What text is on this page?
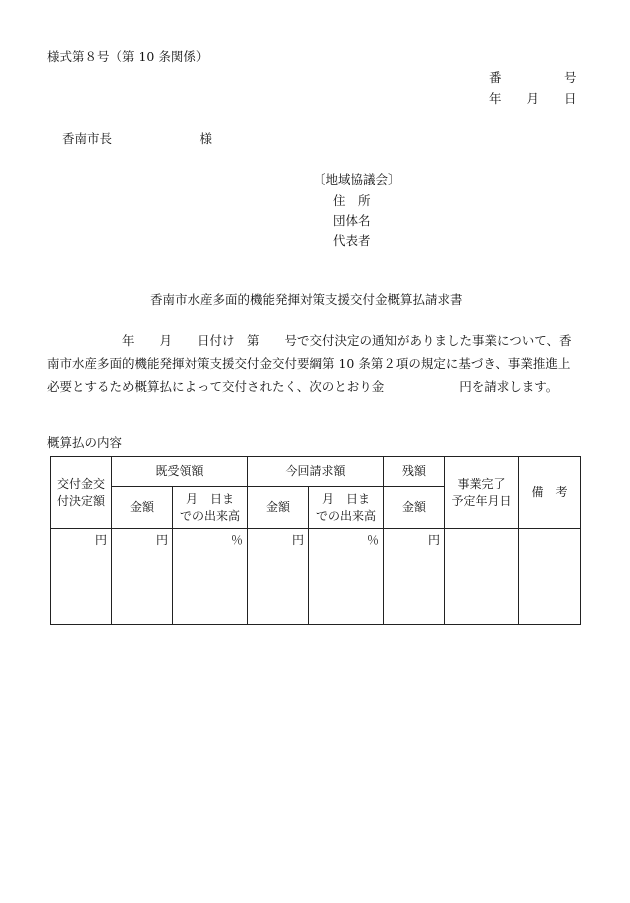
様式第８号（第 10 条関係）
番　　　　　号
年　　月　　日
香南市長　　　　　　　様
〔地域協議会〕
住　所
団体名
代表者
香南市水産多面的機能発揮対策支援交付金概算払請求書

　　　　　　年　　月　　日付け　第　　号で交付決定の通知がありました事業について、香

南市水産多面的機能発揮対策支援交付金交付要綱第 10 条第２項の規定に基づき、事業推進上

必要とするため概算払によって交付されたく、次のとおり金　　　　　　円を請求します。

概算払の内容
交付金交
付決定額	既受領額		今回請求額		残額	事業完了
予定年月日	備　考
	金額	月　日ま
での出来高	金額	月　日ま
での出来高	金額		
円	円	％	円	％	円		
